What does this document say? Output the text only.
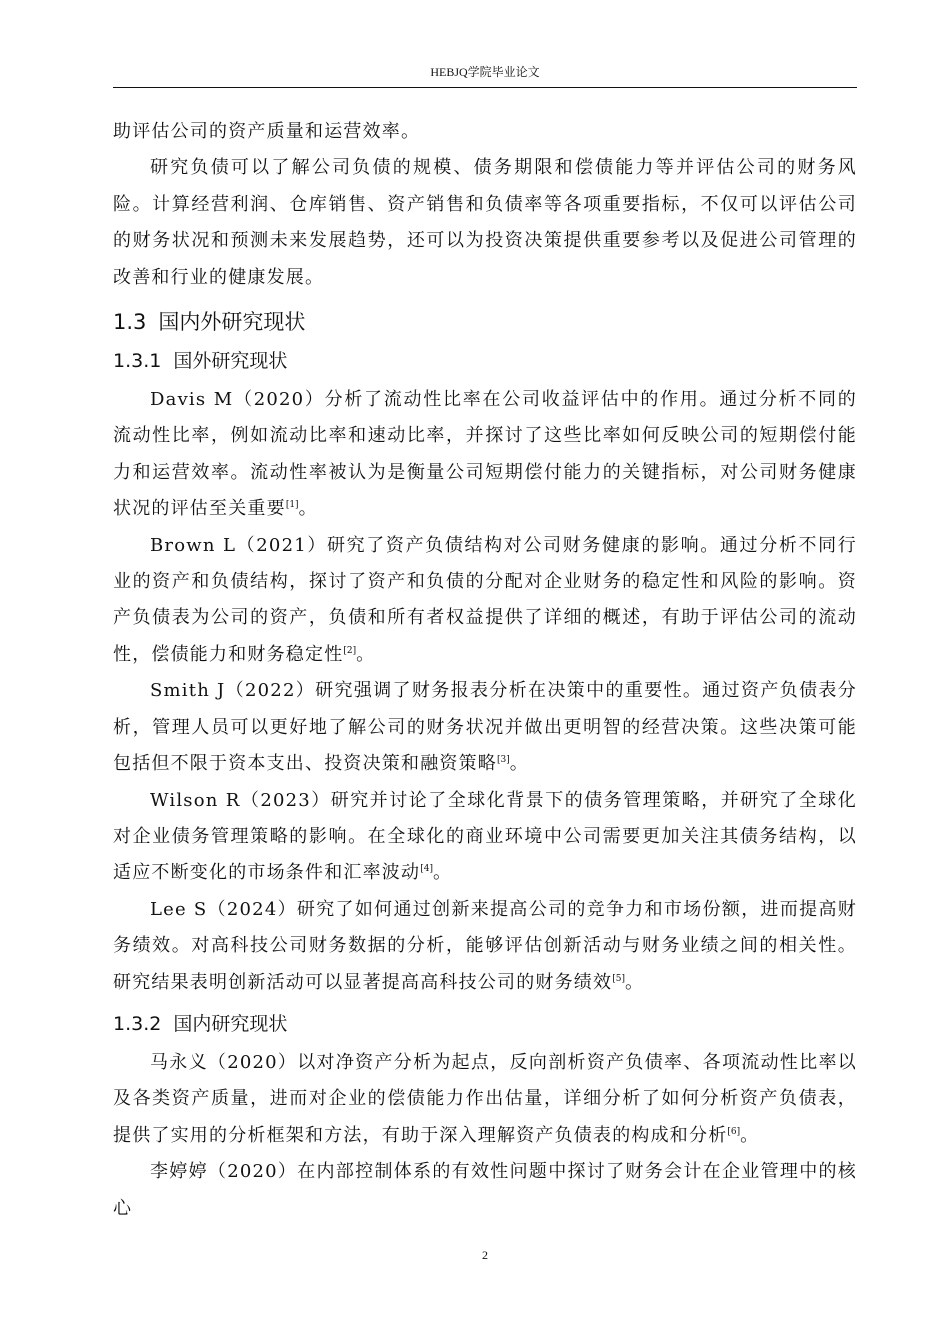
HEBJQ学院毕业论文

助评估公司的资产质量和运营效率。

研究负债可以了解公司负债的规模、债务期限和偿债能力等并评估公司的财务风险。计算经营利润、仓库销售、资产销售和负债率等各项重要指标，不仅可以评估公司的财务状况和预测未来发展趋势，还可以为投资决策提供重要参考以及促进公司管理的改善和行业的健康发展。

1.3 国内外研究现状
1.3.1 国外研究现状

Davis M（2020）分析了流动性比率在公司收益评估中的作用。通过分析不同的流动性比率，例如流动比率和速动比率，并探讨了这些比率如何反映公司的短期偿付能力和运营效率。流动性率被认为是衡量公司短期偿付能力的关键指标，对公司财务健康状况的评估至关重要[1]。

Brown L（2021）研究了资产负债结构对公司财务健康的影响。通过分析不同行业的资产和负债结构，探讨了资产和负债的分配对企业财务的稳定性和风险的影响。资产负债表为公司的资产，负债和所有者权益提供了详细的概述，有助于评估公司的流动性，偿债能力和财务稳定性[2]。

Smith J（2022）研究强调了财务报表分析在决策中的重要性。通过资产负债表分析，管理人员可以更好地了解公司的财务状况并做出更明智的经营决策。这些决策可能包括但不限于资本支出、投资决策和融资策略[3]。

Wilson R（2023）研究并讨论了全球化背景下的债务管理策略，并研究了全球化对企业债务管理策略的影响。在全球化的商业环境中公司需要更加关注其债务结构，以适应不断变化的市场条件和汇率波动[4]。

Lee S（2024）研究了如何通过创新来提高公司的竞争力和市场份额，进而提高财务绩效。对高科技公司财务数据的分析，能够评估创新活动与财务业绩之间的相关性。研究结果表明创新活动可以显著提高高科技公司的财务绩效[5]。

1.3.2 国内研究现状

马永义（2020）以对净资产分析为起点，反向剖析资产负债率、各项流动性比率以及各类资产质量，进而对企业的偿债能力作出估量，详细分析了如何分析资产负债表，提供了实用的分析框架和方法，有助于深入理解资产负债表的构成和分析[6]。

李婷婷（2020）在内部控制体系的有效性问题中探讨了财务会计在企业管理中的核心

2
